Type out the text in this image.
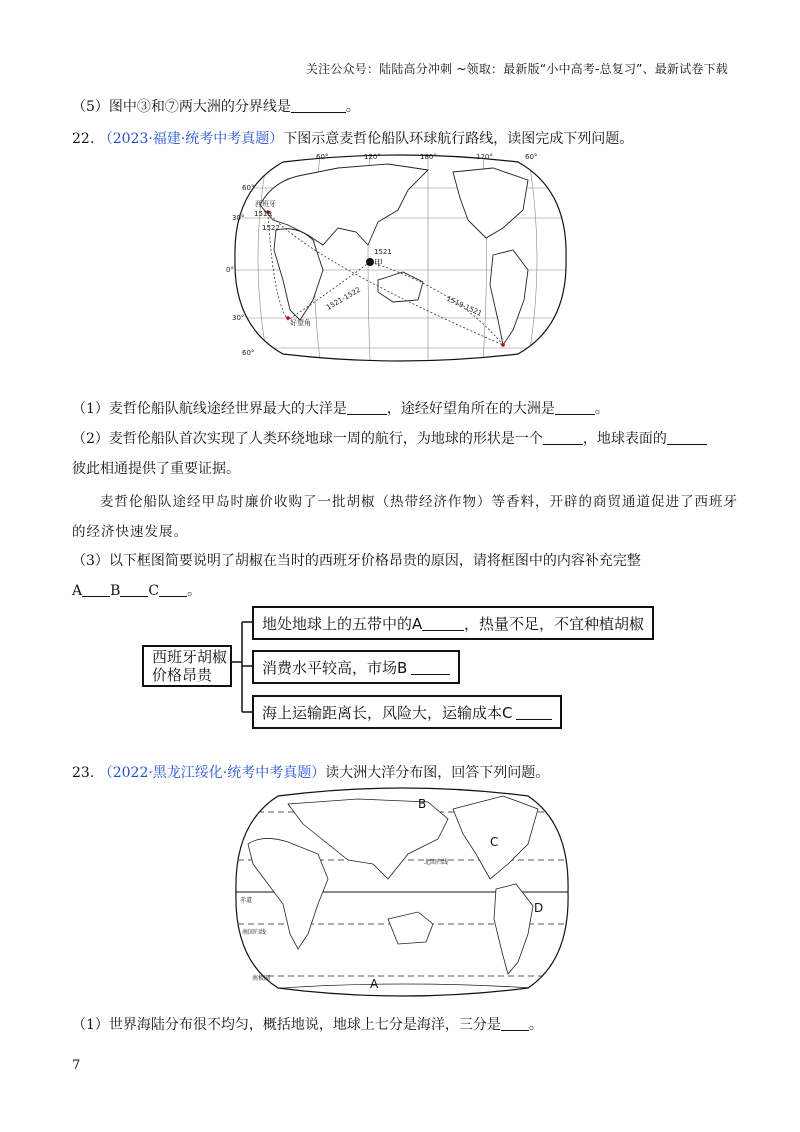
关注公众号：陆陆高分冲刺 ~领取：最新版“小中高考-总复习”、最新试卷下载
（5）图中③和⑦两大洲的分界线是	。
22. （2023·福建·统考中考真题）下图示意麦哲伦船队环球航行路线，读图完成下列问题。
60°	120°	180°	120°	60°
60°
30°
0°
30°
60°
西班牙
1519
1522
1521
甲
1519-1521
1521-1522
好望角
（1）麦哲伦船队航线途经世界最大的大洋是	，途经好望角所在的大洲是	。
（2）麦哲伦船队首次实现了人类环绕地球一周的航行，为地球的形状是一个	，地球表面的
彼此相通提供了重要证据。
麦哲伦船队途经甲岛时廉价收购了一批胡椒（热带经济作物）等香料，开辟的商贸通道促进了西班牙
的经济快速发展。
（3）以下框图简要说明了胡椒在当时的西班牙价格昂贵的原因，请将框图中的内容补充完整
A B C 。
西班牙胡椒
价格昂贵
地处地球上的五带中的A	，热量不足，不宜种植胡椒
消费水平较高，市场B
海上运输距离长，风险大，运输成本C
23. （2022·黑龙江绥化·统考中考真题）读大洲大洋分布图，回答下列问题。
B
C
D
A
北回归线
赤道
南回归线
南极圈
（1）世界海陆分布很不均匀，概括地说，地球上七分是海洋，三分是 。
7
